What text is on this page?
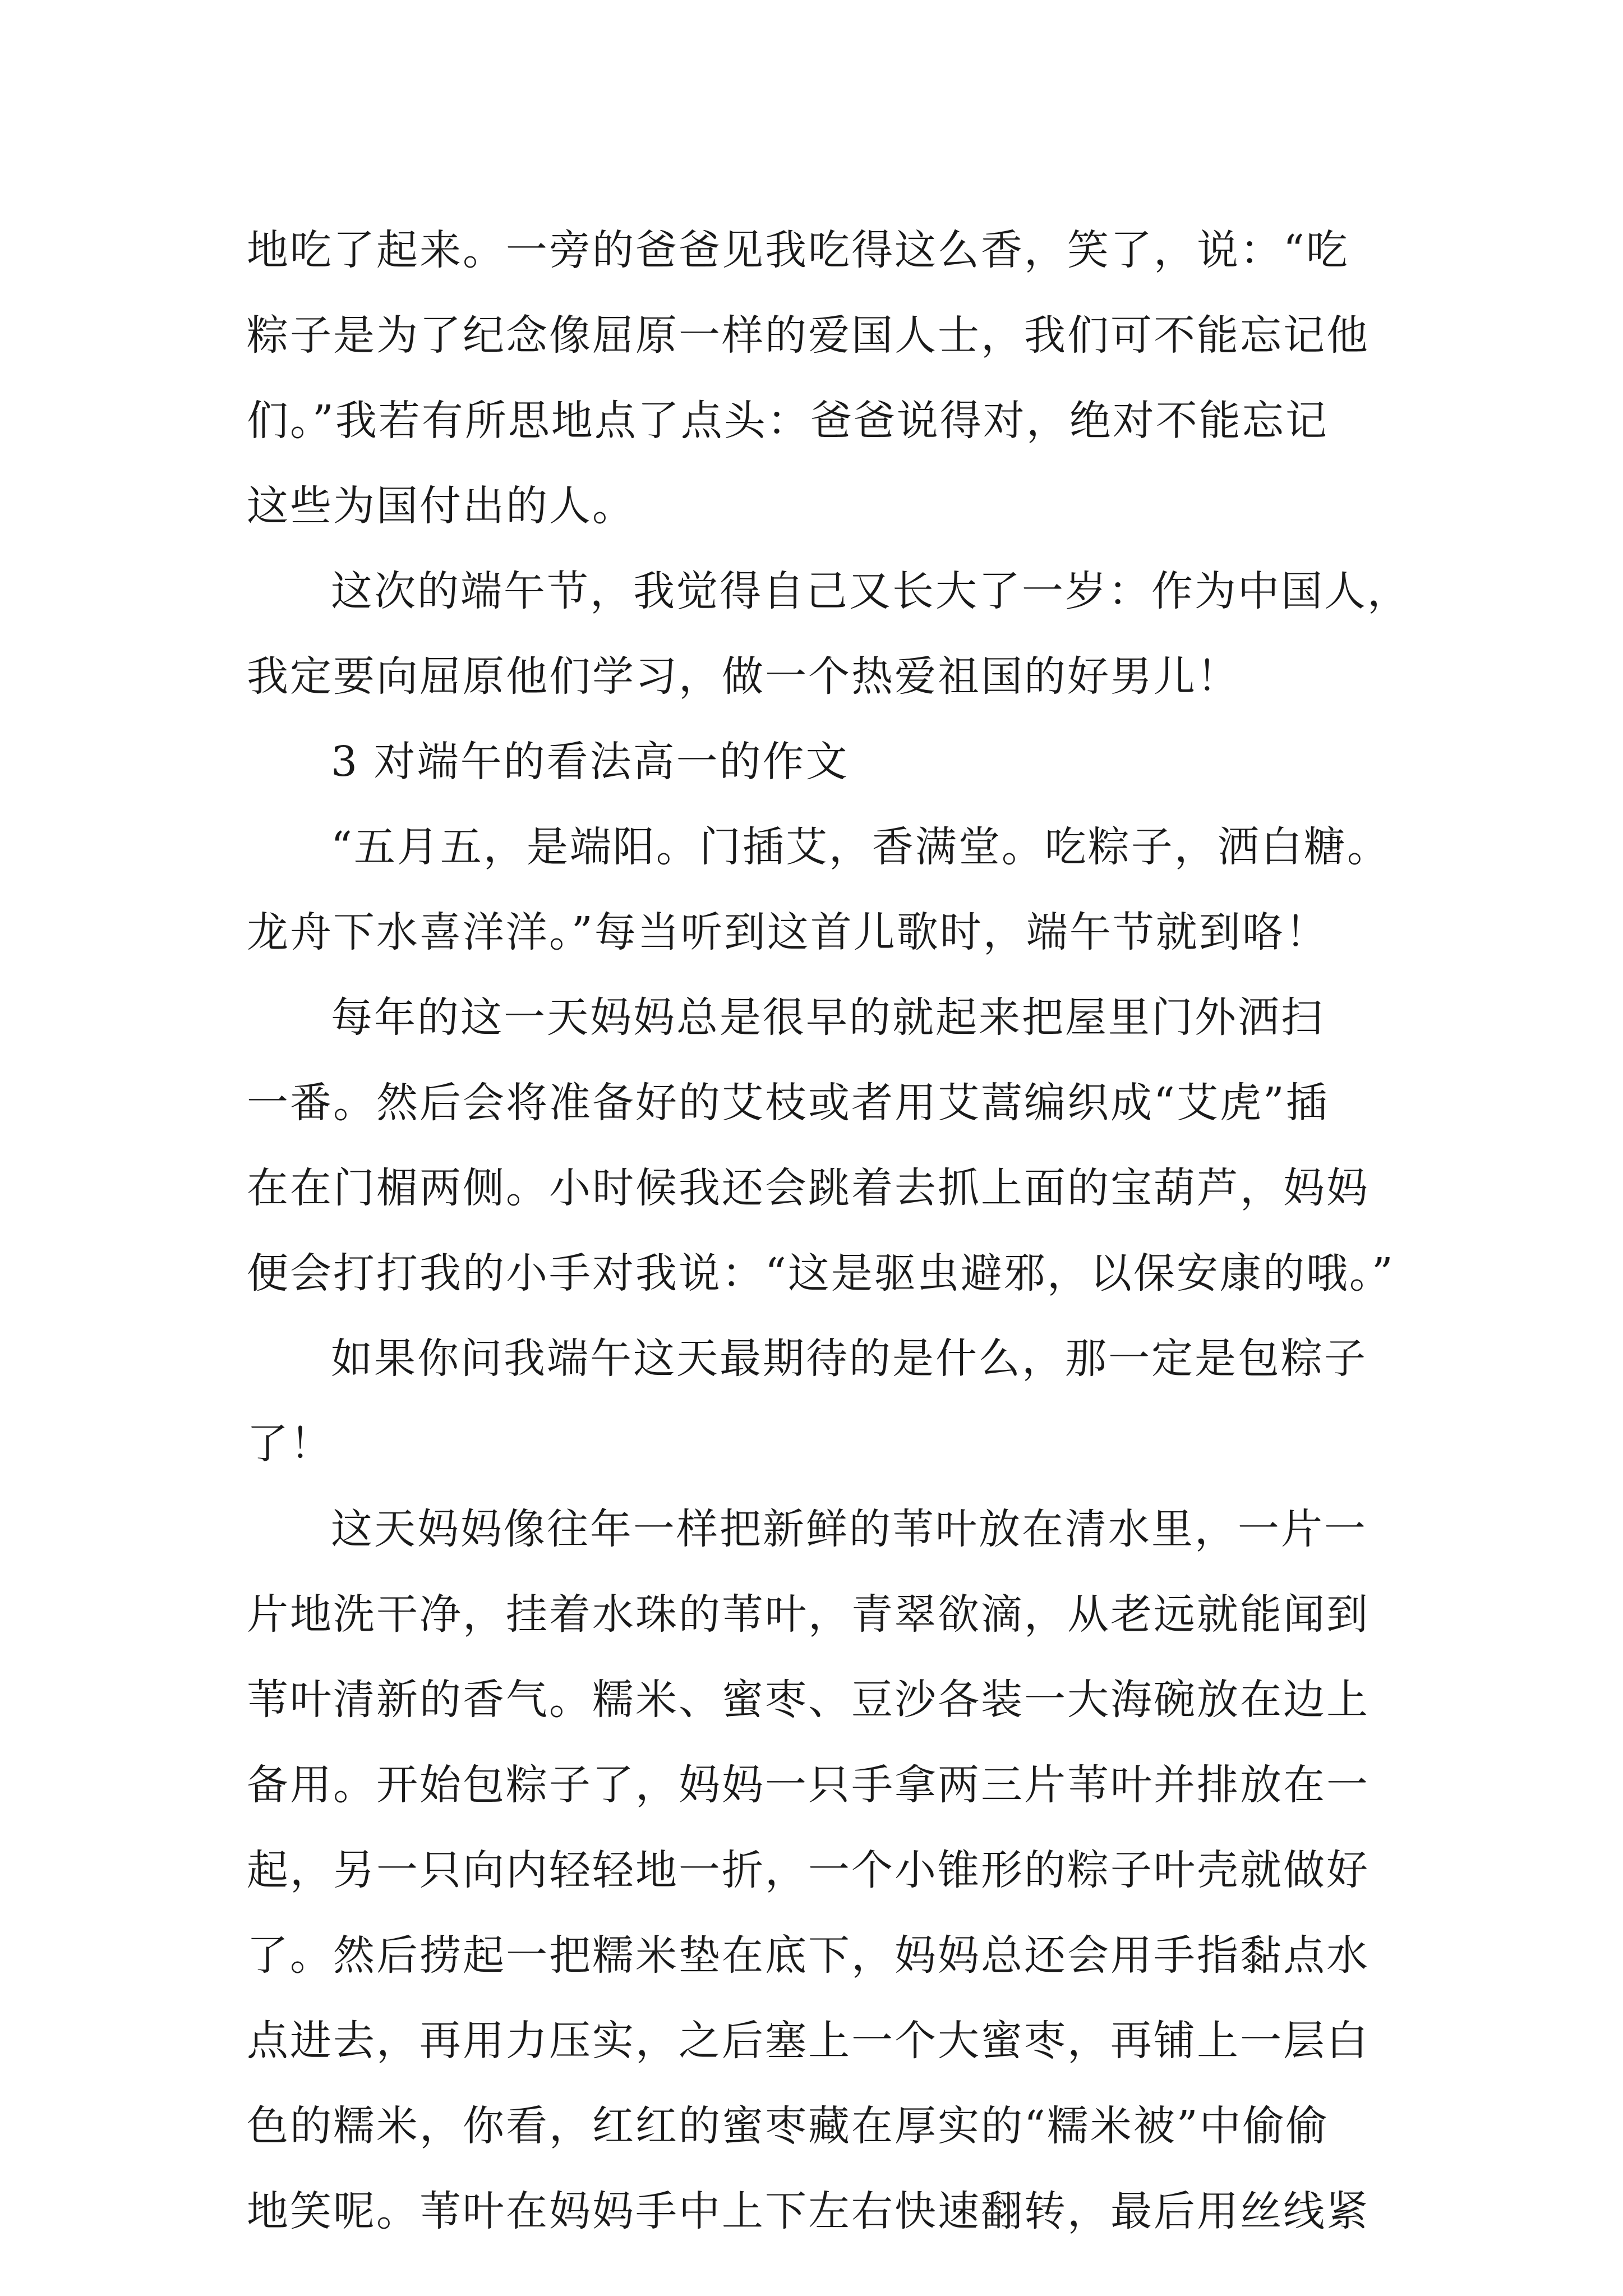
地吃了起来。一旁的爸爸见我吃得这么香，笑了，说：“吃
粽子是为了纪念像屈原一样的爱国人士，我们可不能忘记他
们。”我若有所思地点了点头：爸爸说得对，绝对不能忘记
这些为国付出的人。
这次的端午节，我觉得自己又长大了一岁：作为中国人，
我定要向屈原他们学习，做一个热爱祖国的好男儿！
3 对端午的看法高一的作文
“五月五，是端阳。门插艾，香满堂。吃粽子，洒白糖。
龙舟下水喜洋洋。”每当听到这首儿歌时，端午节就到咯！
每年的这一天妈妈总是很早的就起来把屋里门外洒扫
一番。然后会将准备好的艾枝或者用艾蒿编织成“艾虎”插
在在门楣两侧。小时候我还会跳着去抓上面的宝葫芦，妈妈
便会打打我的小手对我说：“这是驱虫避邪，以保安康的哦。”
如果你问我端午这天最期待的是什么，那一定是包粽子
了！
这天妈妈像往年一样把新鲜的苇叶放在清水里，一片一
片地洗干净，挂着水珠的苇叶，青翠欲滴，从老远就能闻到
苇叶清新的香气。糯米、蜜枣、豆沙各装一大海碗放在边上
备用。开始包粽子了，妈妈一只手拿两三片苇叶并排放在一
起，另一只向内轻轻地一折，一个小锥形的粽子叶壳就做好
了。然后捞起一把糯米垫在底下，妈妈总还会用手指黏点水
点进去，再用力压实，之后塞上一个大蜜枣，再铺上一层白
色的糯米，你看，红红的蜜枣藏在厚实的“糯米被”中偷偷
地笑呢。苇叶在妈妈手中上下左右快速翻转，最后用丝线紧
